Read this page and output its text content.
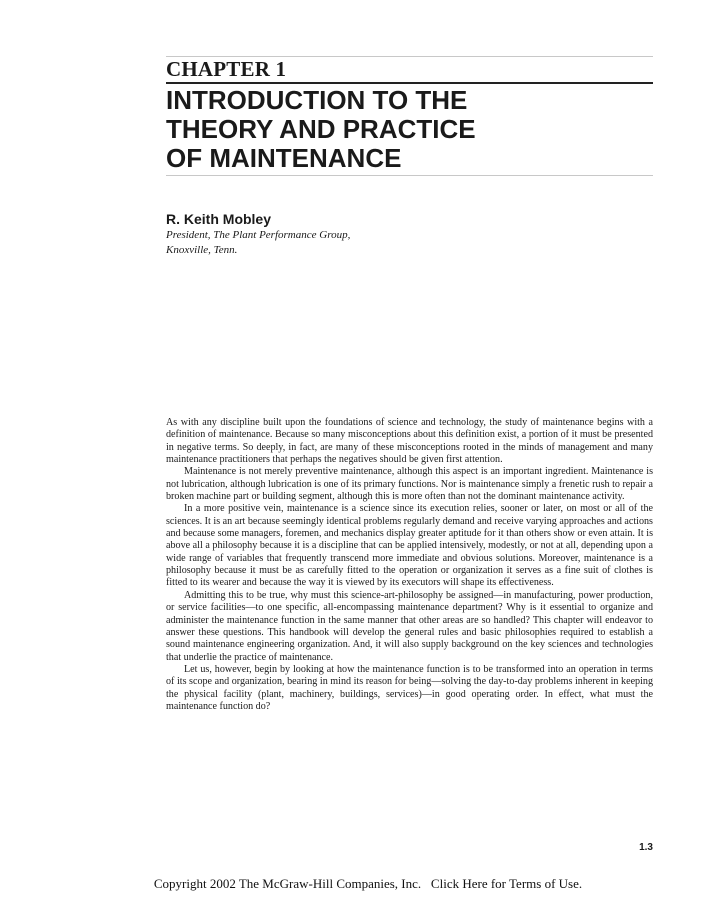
CHAPTER 1
INTRODUCTION TO THE
THEORY AND PRACTICE
OF MAINTENANCE
R. Keith Mobley
President, The Plant Performance Group,
Knoxville, Tenn.

As with any discipline built upon the foundations of science and technology, the study of maintenance begins with a definition of maintenance. Because so many misconceptions about this definition exist, a portion of it must be presented in negative terms. So deeply, in fact, are many of these misconceptions rooted in the minds of management and many maintenance practitioners that perhaps the negatives should be given first attention.

Maintenance is not merely preventive maintenance, although this aspect is an important ingredient. Maintenance is not lubrication, although lubrication is one of its primary functions. Nor is maintenance simply a frenetic rush to repair a broken machine part or building segment, although this is more often than not the dominant maintenance activity.

In a more positive vein, maintenance is a science since its execution relies, sooner or later, on most or all of the sciences. It is an art because seemingly identical problems regularly demand and receive varying approaches and actions and because some managers, foremen, and mechanics display greater aptitude for it than others show or even attain. It is above all a philosophy because it is a discipline that can be applied intensively, modestly, or not at all, depending upon a wide range of variables that frequently transcend more immediate and obvious solutions. Moreover, maintenance is a philosophy because it must be as carefully fitted to the operation or organization it serves as a fine suit of clothes is fitted to its wearer and because the way it is viewed by its executors will shape its effectiveness.

Admitting this to be true, why must this science-art-philosophy be assigned—in manufacturing, power production, or service facilities—to one specific, all-encompassing maintenance department? Why is it essential to organize and administer the maintenance function in the same manner that other areas are so handled? This chapter will endeavor to answer these questions. This handbook will develop the general rules and basic philosophies required to establish a sound maintenance engineering organization. And, it will also supply background on the key sciences and technologies that underlie the practice of maintenance.

Let us, however, begin by looking at how the maintenance function is to be transformed into an operation in terms of its scope and organization, bearing in mind its reason for being—solving the day-to-day problems inherent in keeping the physical facility (plant, machinery, buildings, services)—in good operating order. In effect, what must the maintenance function do?

1.3
Copyright 2002 The McGraw-Hill Companies, Inc. Click Here for Terms of Use.
